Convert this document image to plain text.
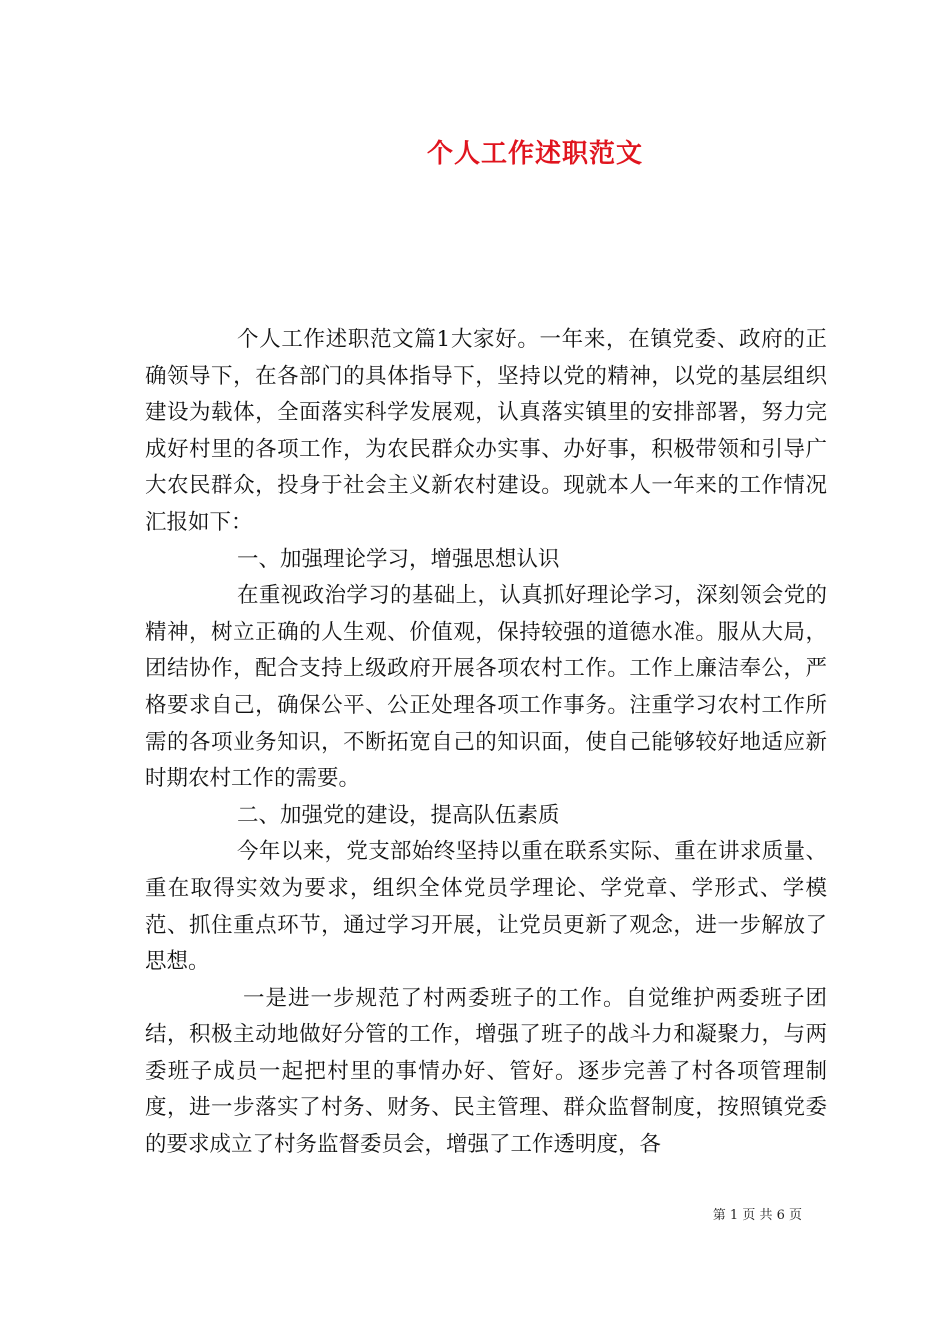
个人工作述职范文

个人工作述职范文篇1大家好。一年来，在镇党委、政府的正确领导下，在各部门的具体指导下，坚持以党的精神，以党的基层组织建设为载体，全面落实科学发展观，认真落实镇里的安排部署，努力完成好村里的各项工作，为农民群众办实事、办好事，积极带领和引导广大农民群众，投身于社会主义新农村建设。现就本人一年来的工作情况汇报如下：

一、加强理论学习，增强思想认识

在重视政治学习的基础上，认真抓好理论学习，深刻领会党的精神，树立正确的人生观、价值观，保持较强的道德水准。服从大局，团结协作，配合支持上级政府开展各项农村工作。工作上廉洁奉公，严格要求自己，确保公平、公正处理各项工作事务。注重学习农村工作所需的各项业务知识，不断拓宽自己的知识面，使自己能够较好地适应新时期农村工作的需要。

二、加强党的建设，提高队伍素质

今年以来，党支部始终坚持以重在联系实际、重在讲求质量、重在取得实效为要求，组织全体党员学理论、学党章、学形式、学模范、抓住重点环节，通过学习开展，让党员更新了观念，进一步解放了思想。

一是进一步规范了村两委班子的工作。自觉维护两委班子团结，积极主动地做好分管的工作，增强了班子的战斗力和凝聚力，与两委班子成员一起把村里的事情办好、管好。逐步完善了村各项管理制度，进一步落实了村务、财务、民主管理、群众监督制度，按照镇党委的要求成立了村务监督委员会，增强了工作透明度，各

第 1 页 共 6 页
